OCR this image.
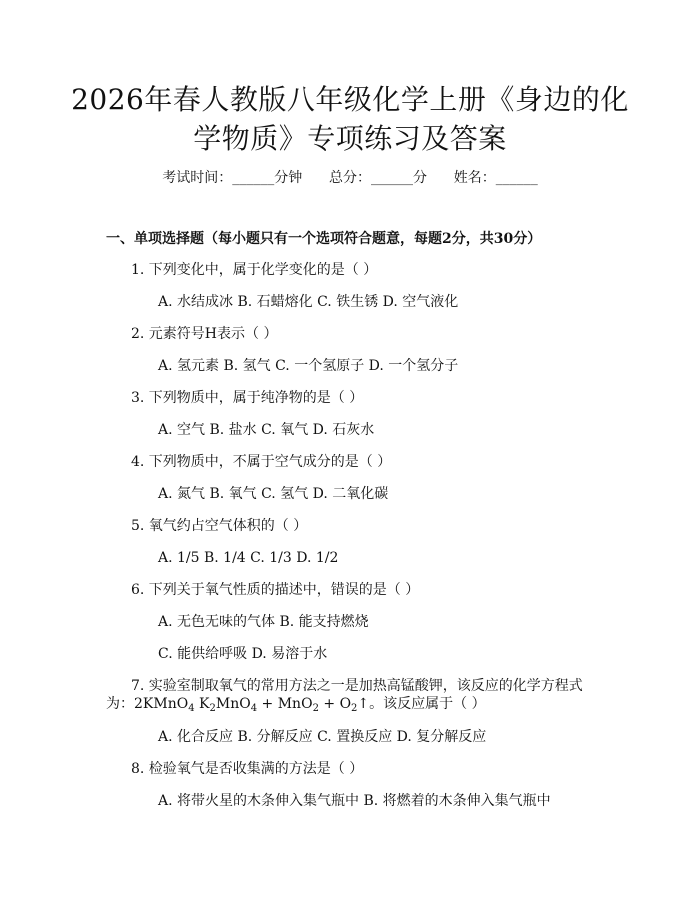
2026年春人教版八年级化学上册《身边的化
学物质》专项练习及答案
考试时间：______分钟      总分：______分      姓名：______
一、单项选择题（每小题只有一个选项符合题意，每题2分，共30分）
1. 下列变化中，属于化学变化的是（ ）
A. 水结成冰 B. 石蜡熔化 C. 铁生锈 D. 空气液化
2. 元素符号H表示（ ）
A. 氢元素 B. 氢气 C. 一个氢原子 D. 一个氢分子
3. 下列物质中，属于纯净物的是（ ）
A. 空气 B. 盐水 C. 氧气 D. 石灰水
4. 下列物质中，不属于空气成分的是（ ）
A. 氮气 B. 氧气 C. 氢气 D. 二氧化碳
5. 氧气约占空气体积的（ ）
A. 1/5 B. 1/4 C. 1/3 D. 1/2
6. 下列关于氧气性质的描述中，错误的是（ ）
A. 无色无味的气体 B. 能支持燃烧
C. 能供给呼吸 D. 易溶于水
7. 实验室制取氧气的常用方法之一是加热高锰酸钾，该反应的化学方程式
为：2KMnO$_4$ $K_2MnO_4 + MnO_2$ + $O_2↑$。该反应属于（ ）
A. 化合反应 B. 分解反应 C. 置换反应 D. 复分解反应
8. 检验氧气是否收集满的方法是（ ）
A. 将带火星的木条伸入集气瓶中 B. 将燃着的木条伸入集气瓶中
